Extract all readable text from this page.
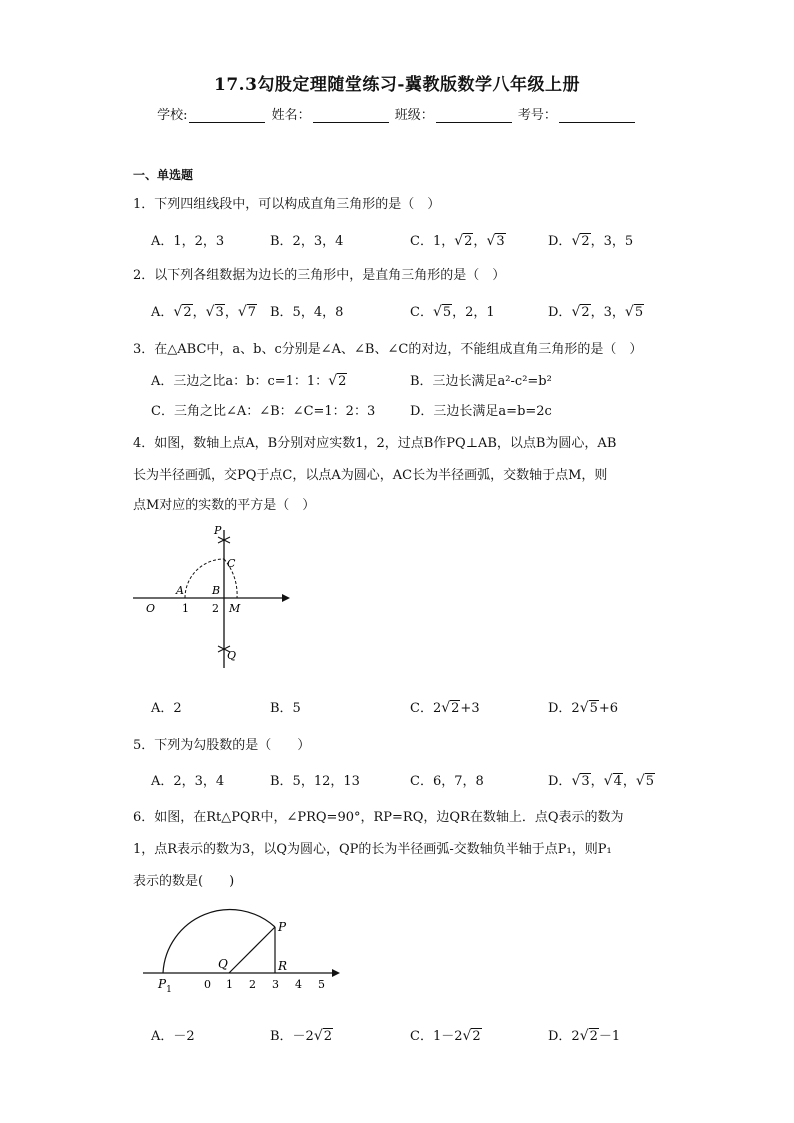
17.3勾股定理随堂练习-冀教版数学八年级上册
学校:	姓名：	班级：	考号：
一、单选题
1．下列四组线段中，可以构成直角三角形的是（　）
A．1，2，3	B．2，3，4	C．1，√2，√3	D．√2，3，5
2．以下列各组数据为边长的三角形中，是直角三角形的是（　）
A．√2，√3，√7 B．5，4，8	C．√5，2，1	D．√2，3，√5
3．在△ABC中，a、b、c分别是∠A、∠B、∠C的对边，不能组成直角三角形的是（　）
A．三边之比a：b：c=1：1：√2	B．三边长满足a²-c²=b²
C．三角之比∠A：∠B：∠C=1：2：3	D．三边长满足a=b=2c
4．如图，数轴上点A，B分别对应实数1，2，过点B作PQ⊥AB，以点B为圆心，AB
长为半径画弧，交PQ于点C，以点A为圆心，AC长为半径画弧，交数轴于点M，则
点M对应的实数的平方是（　）
P
C
A	B
O 1 2 M
Q
A．2	B．5	C．2√2+3	D．2√5+6
5．下列为勾股数的是（　　）
A．2，3，4	B．5，12，13	C．6，7，8	D．√3，√4，√5
6．如图，在Rt△PQR中，∠PRQ=90°，RP=RQ，边QR在数轴上．点Q表示的数为
1，点R表示的数为3，以Q为圆心，QP的长为半径画弧-交数轴负半轴于点P₁，则P₁
表示的数是(　　)
P
Q	R
$P_1$	0 1 2 3 4 5
A．－2	B．－2√2	C．1－2√2	D．2√2－1
